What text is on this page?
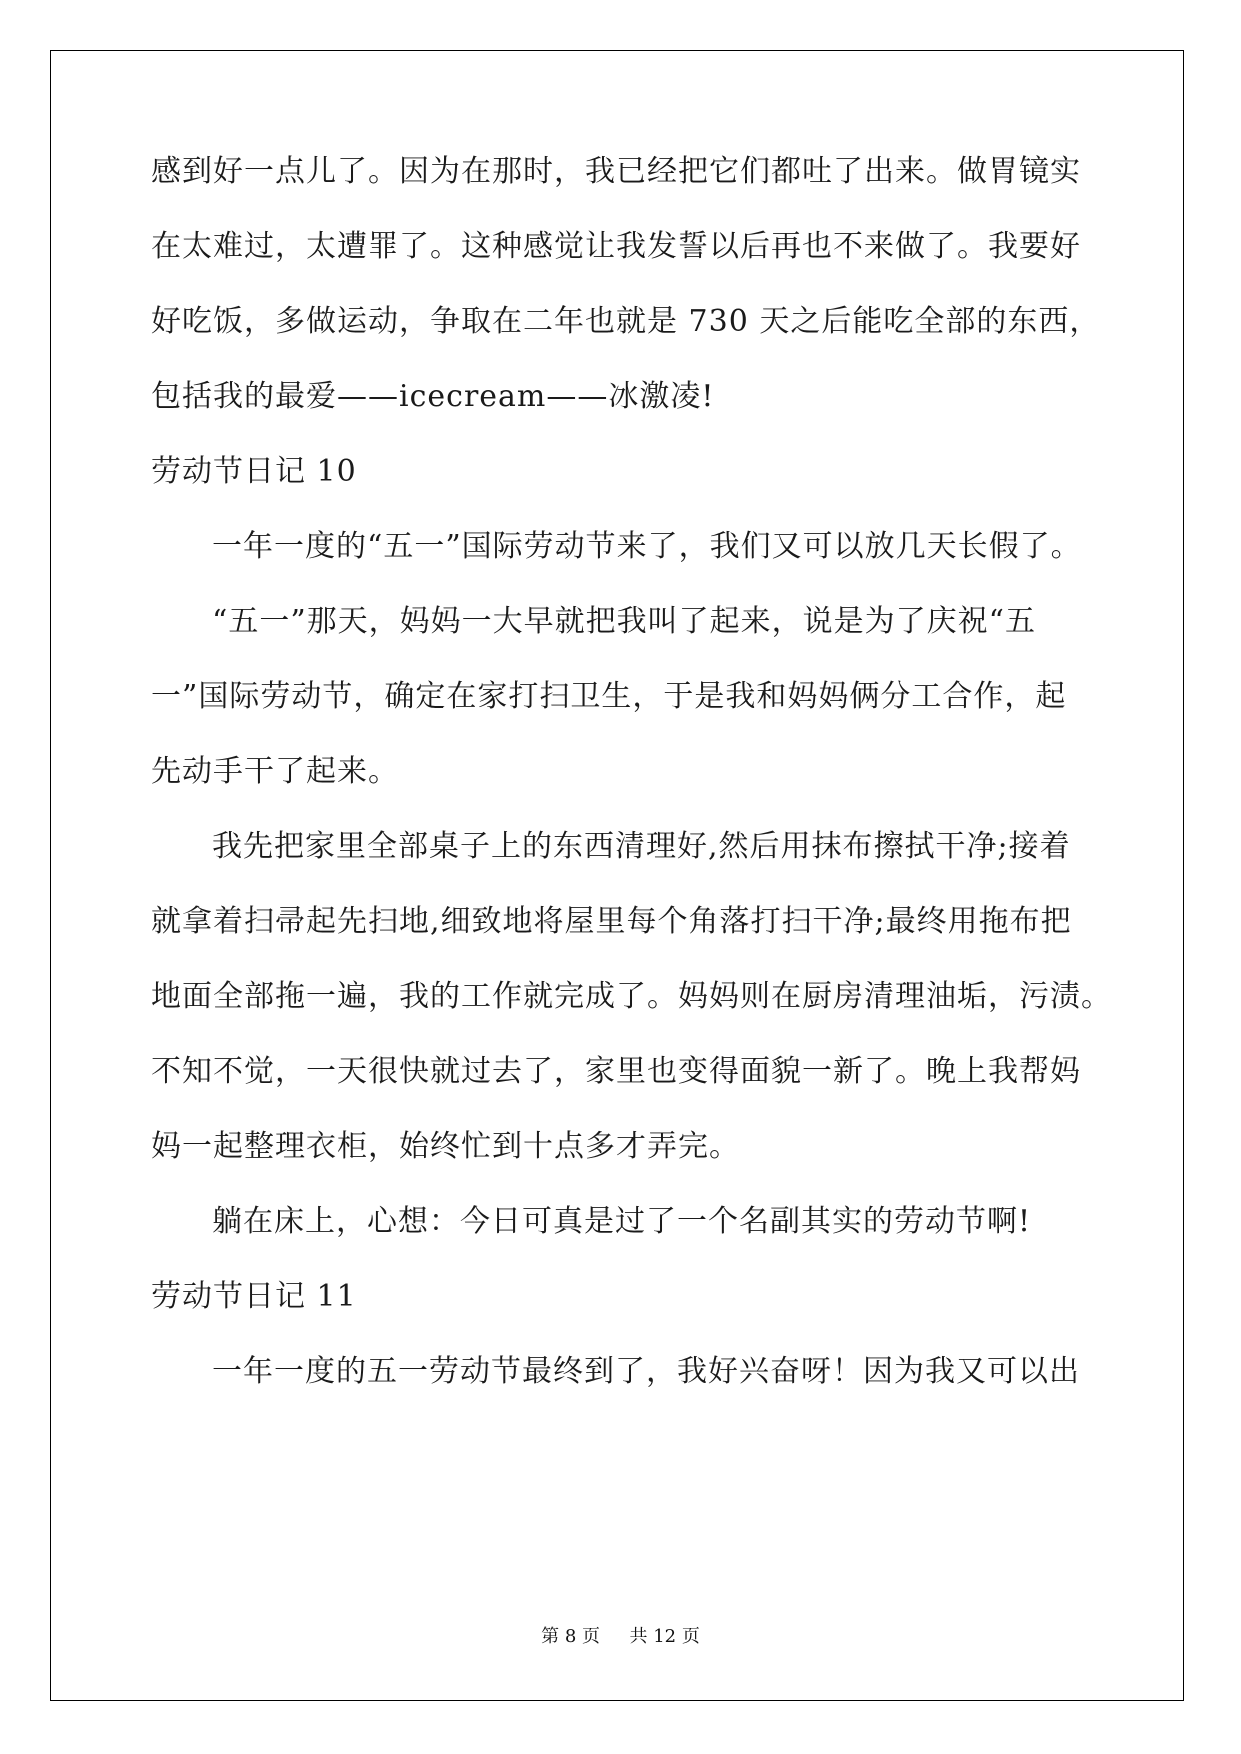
感到好一点儿了。因为在那时，我已经把它们都吐了出来。做胃镜实
在太难过，太遭罪了。这种感觉让我发誓以后再也不来做了。我要好
好吃饭，多做运动，争取在二年也就是 730 天之后能吃全部的东西，
包括我的最爱——icecream——冰激凌!
劳动节日记 10
一年一度的“五一”国际劳动节来了，我们又可以放几天长假了。
“五一”那天，妈妈一大早就把我叫了起来，说是为了庆祝“五
一”国际劳动节，确定在家打扫卫生，于是我和妈妈俩分工合作，起
先动手干了起来。
我先把家里全部桌子上的东西清理好,然后用抹布擦拭干净;接着
就拿着扫帚起先扫地,细致地将屋里每个角落打扫干净;最终用拖布把
地面全部拖一遍，我的工作就完成了。妈妈则在厨房清理油垢，污渍。
不知不觉，一天很快就过去了，家里也变得面貌一新了。晚上我帮妈
妈一起整理衣柜，始终忙到十点多才弄完。
躺在床上，心想：今日可真是过了一个名副其实的劳动节啊!
劳动节日记 11
一年一度的五一劳动节最终到了，我好兴奋呀！因为我又可以出
第 8 页 共 12 页
